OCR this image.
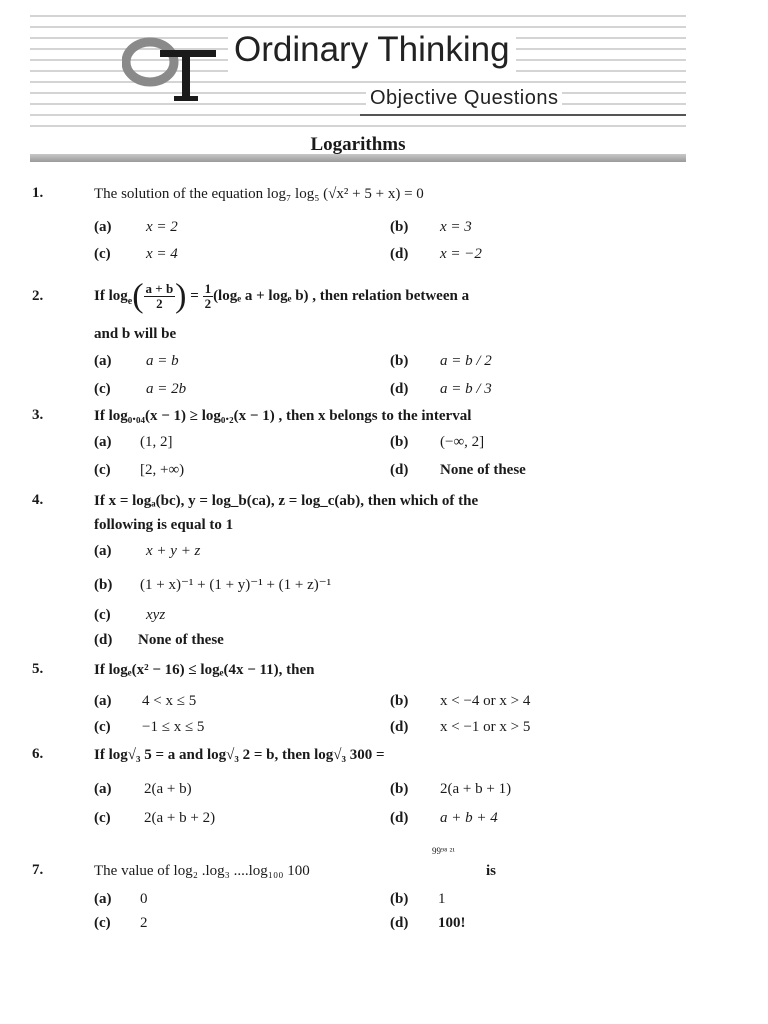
Ordinary Thinking
Objective Questions
Logarithms
1.	The solution of the equation log₇ log₅ (√x² + 5 + x) = 0
(a) x = 2	(b) x = 3
(c) x = 4	(d) x = −2
2.	If $\log_e( \frac{a + b}{2}$ ) = $\frac{1}{2} (\log_e$ a + logₑ b) , then relation between a
and b will be
(a) a = b	(b) a = b / 2
(c) a = 2b	(d) a = b / 3
3.	If log₀.₀₄(x − 1) ≥ log₀.₂(x − 1) , then x belongs to the interval
(a) (1, 2]	(b) (−∞, 2]
(c) [2, +∞)	(d) None of these
4.	If x = logₐ(bc), y = log_b(ca), z = log_c(ab), then which of the
following is equal to 1
(a) x + y + z
(b) (1 + x)⁻¹ + (1 + y)⁻¹ + (1 + z)⁻¹
(c) xyz
(d) None of these
5.	If logₑ(x² − 16) ≤ logₑ(4x − 11), then
(a) 4 < x ≤ 5	(b) x < −4 or x > 4
(c) −1 ≤ x ≤ 5	(d) x < −1 or x > 5
6.	If log√₃ 5 = a and log√₃ 2 = b, then log√₃ 300 =
(a) 2(a + b)	(b) 2(a + b + 1)
(c) 2(a + b + 2)	(d) a + b + 4
7.	The value of log₂ .log₃ ....log₁₀₀ 100
99⁹⁸ ²¹
is
(a) 0	(b) 1
(c) 2	(d) 100!
